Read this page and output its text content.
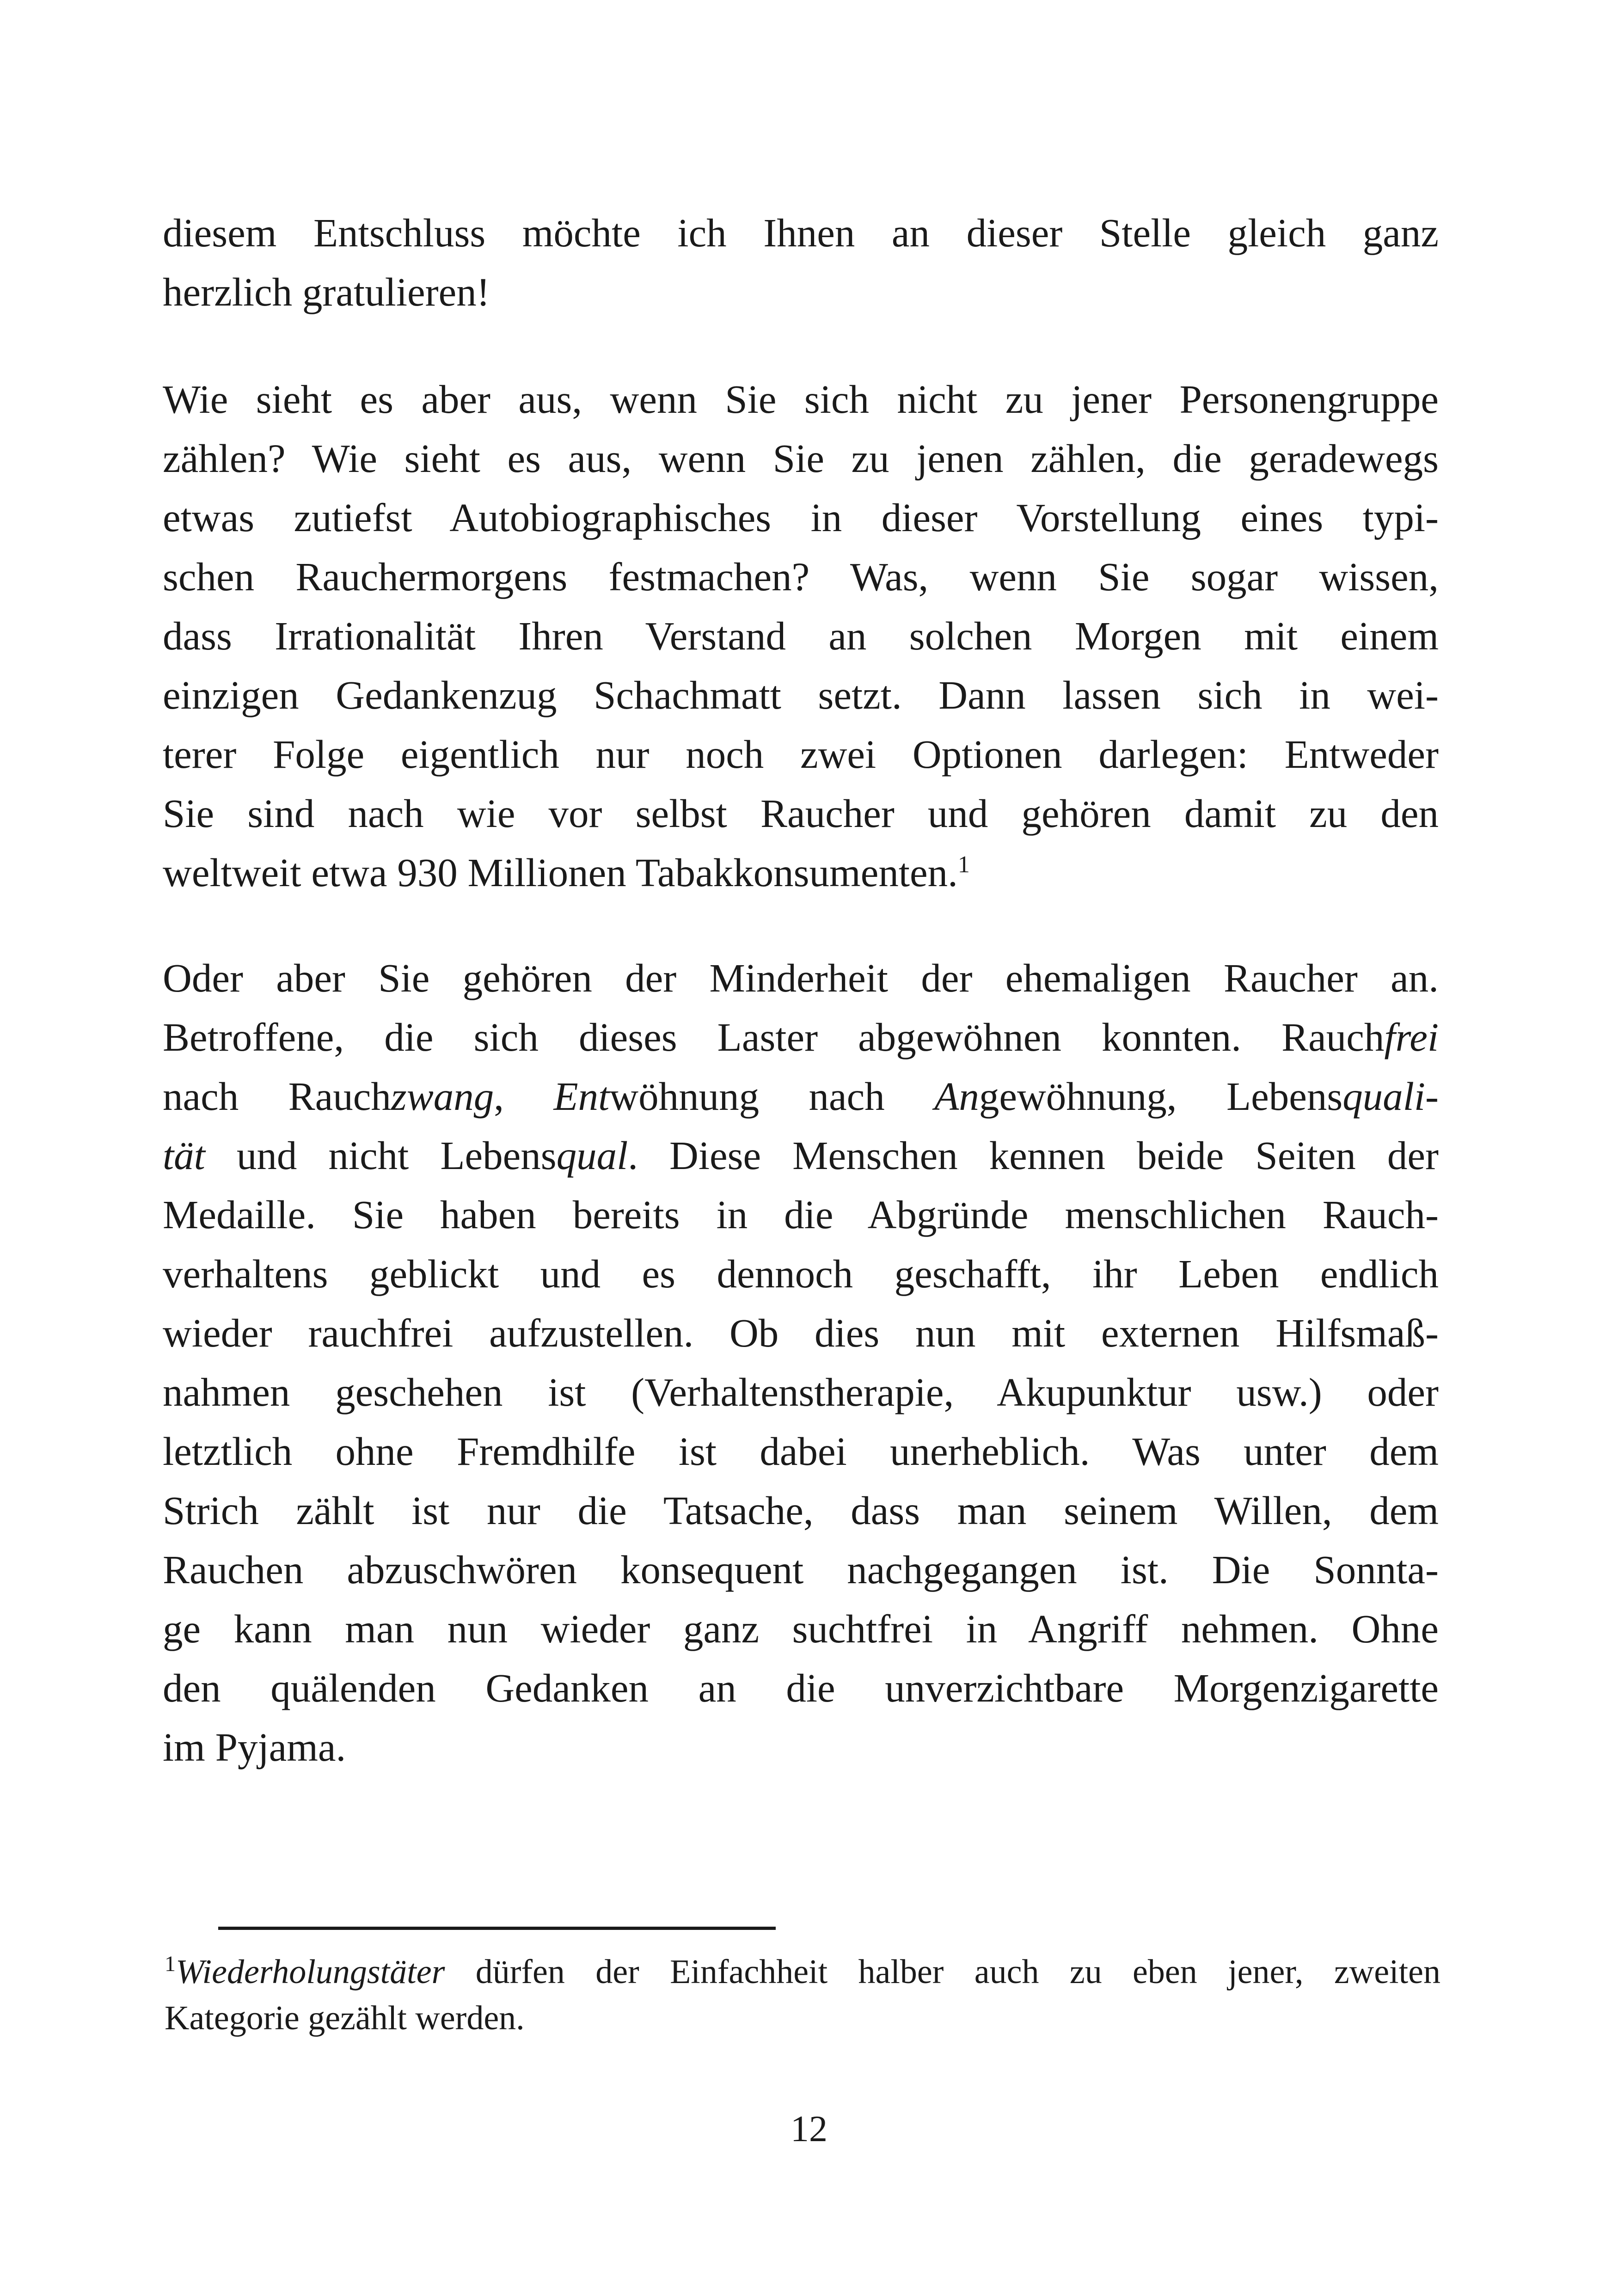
diesem Entschluss möchte ich Ihnen an dieser Stelle gleich ganz
herzlich gratulieren!
Wie sieht es aber aus, wenn Sie sich nicht zu jener Personengruppe
zählen? Wie sieht es aus, wenn Sie zu jenen zählen, die geradewegs
etwas zutiefst Autobiographisches in dieser Vorstellung eines typi-
schen Rauchermorgens festmachen? Was, wenn Sie sogar wissen,
dass Irrationalität Ihren Verstand an solchen Morgen mit einem
einzigen Gedankenzug Schachmatt setzt. Dann lassen sich in wei-
terer Folge eigentlich nur noch zwei Optionen darlegen: Entweder
Sie sind nach wie vor selbst Raucher und gehören damit zu den
weltweit etwa 930 Millionen Tabakkonsumenten.$^1$
Oder aber Sie gehören der Minderheit der ehemaligen Raucher an.
Betroffene, die sich dieses Laster abgewöhnen konnten. Rauchfrei
nach Rauchzwang, Entwöhnung nach Angewöhnung, Lebensquali-
tät und nicht Lebensqual. Diese Menschen kennen beide Seiten der
Medaille. Sie haben bereits in die Abgründe menschlichen Rauch-
verhaltens geblickt und es dennoch geschafft, ihr Leben endlich
wieder rauchfrei aufzustellen. Ob dies nun mit externen Hilfsmaß-
nahmen geschehen ist (Verhaltenstherapie, Akupunktur usw.) oder
letztlich ohne Fremdhilfe ist dabei unerheblich. Was unter dem
Strich zählt ist nur die Tatsache, dass man seinem Willen, dem
Rauchen abzuschwören konsequent nachgegangen ist. Die Sonnta-
ge kann man nun wieder ganz suchtfrei in Angriff nehmen. Ohne
den quälenden Gedanken an die unverzichtbare Morgenzigarette
im Pyjama.
$^1$Wiederholungstäter dürfen der Einfachheit halber auch zu eben jener, zweiten
Kategorie gezählt werden.
12
